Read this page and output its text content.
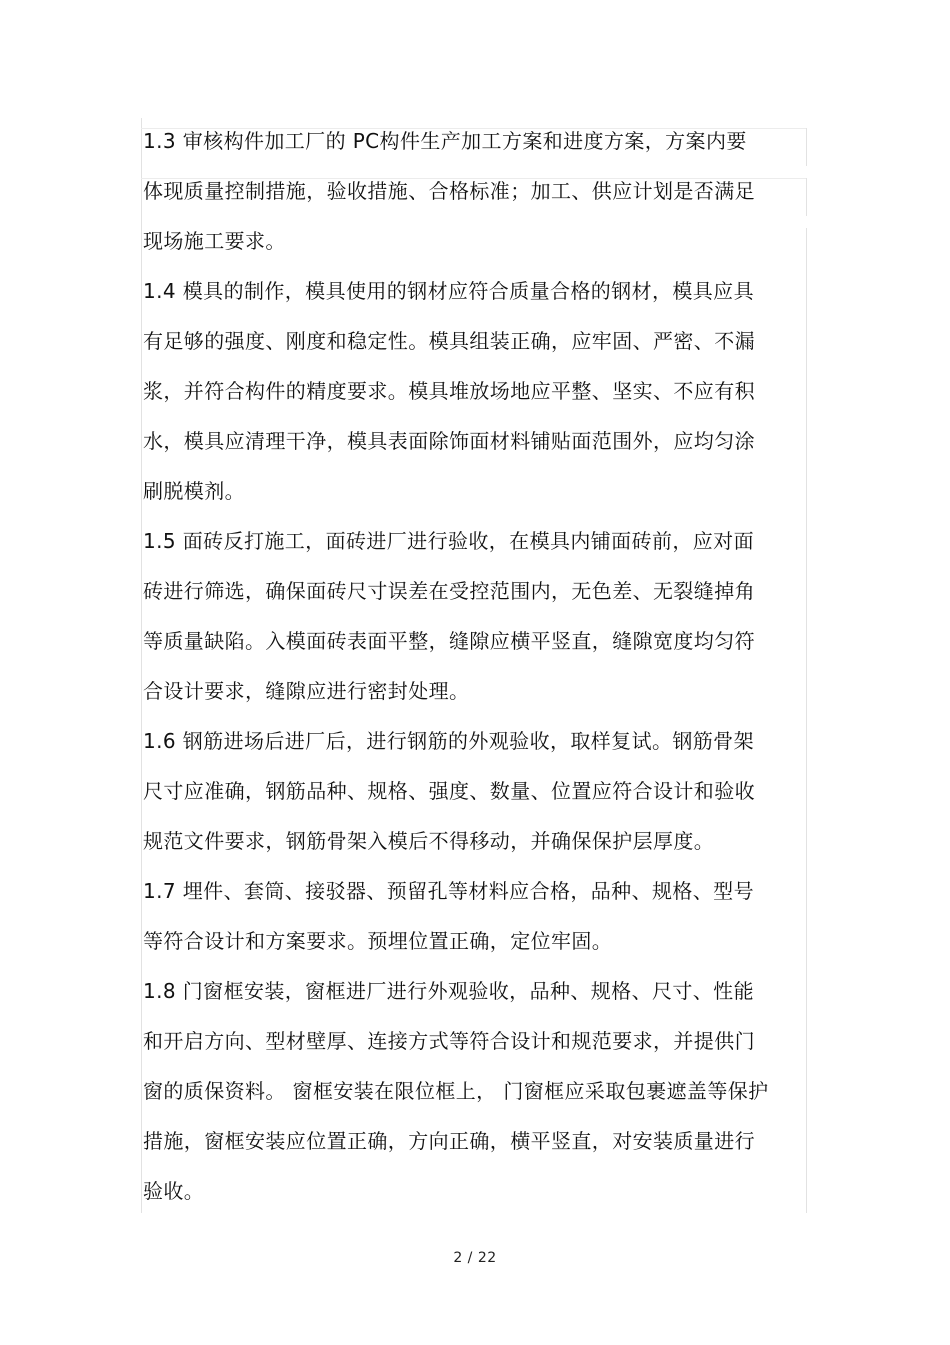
1.3 审核构件加工厂的 PC构件生产加工方案和进度方案，方案内要
体现质量控制措施，验收措施、合格标准；加工、供应计划是否满足
现场施工要求。
1.4 模具的制作，模具使用的钢材应符合质量合格的钢材，模具应具
有足够的强度、刚度和稳定性。模具组装正确，应牢固、严密、不漏
浆，并符合构件的精度要求。模具堆放场地应平整、坚实、不应有积
水，模具应清理干净，模具表面除饰面材料铺贴面范围外，应均匀涂
刷脱模剂。
1.5 面砖反打施工，面砖进厂进行验收，在模具内铺面砖前，应对面
砖进行筛选，确保面砖尺寸误差在受控范围内，无色差、无裂缝掉角
等质量缺陷。入模面砖表面平整，缝隙应横平竖直，缝隙宽度均匀符
合设计要求，缝隙应进行密封处理。
1.6 钢筋进场后进厂后，进行钢筋的外观验收，取样复试。钢筋骨架
尺寸应准确，钢筋品种、规格、强度、数量、位置应符合设计和验收
规范文件要求，钢筋骨架入模后不得移动，并确保保护层厚度。
1.7 埋件、套筒、接驳器、预留孔等材料应合格，品种、规格、型号
等符合设计和方案要求。预埋位置正确，定位牢固。
1.8 门窗框安装，窗框进厂进行外观验收，品种、规格、尺寸、性能
和开启方向、型材壁厚、连接方式等符合设计和规范要求，并提供门
窗的质保资料。 窗框安装在限位框上， 门窗框应采取包裹遮盖等保护
措施，窗框安装应位置正确，方向正确，横平竖直，对安装质量进行
验收。
2 / 22
